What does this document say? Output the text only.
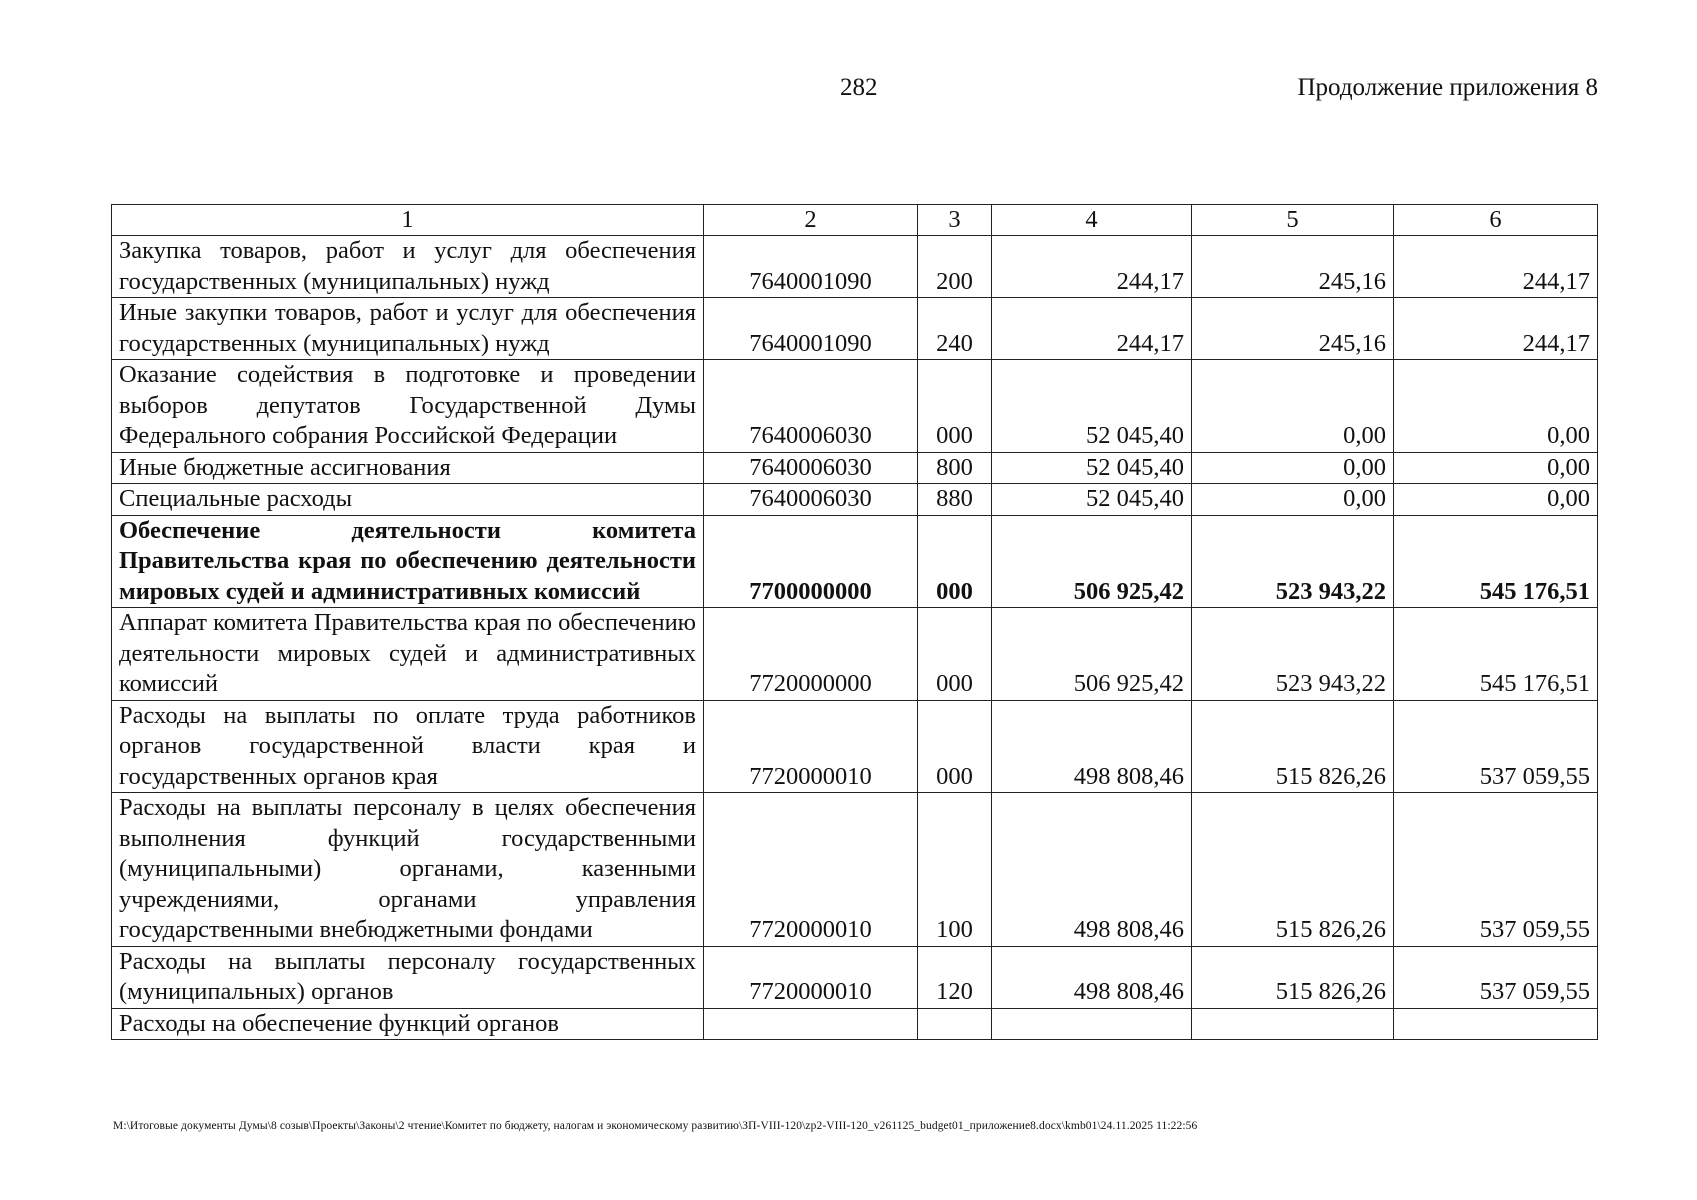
282	Продолжение приложения 8
1	2	3	4	5	6
Закупка товаров, работ и услуг для обеспечения государственных (муниципальных) нужд	7640001090	200	244,17	245,16	244,17
Иные закупки товаров, работ и услуг для обеспечения государственных (муниципальных) нужд	7640001090	240	244,17	245,16	244,17
Оказание содействия в подготовке и проведении выборов депутатов Государственной Думы Федерального собрания Российской Федерации	7640006030	000	52 045,40	0,00	0,00
Иные бюджетные ассигнования	7640006030	800	52 045,40	0,00	0,00
Специальные расходы	7640006030	880	52 045,40	0,00	0,00
Обеспечение деятельности комитета Правительства края по обеспечению деятельности мировых судей и административных комиссий	7700000000	000	506 925,42	523 943,22	545 176,51
Аппарат комитета Правительства края по обеспечению деятельности мировых судей и административных комиссий	7720000000	000	506 925,42	523 943,22	545 176,51
Расходы на выплаты по оплате труда работников органов государственной власти края и государственных органов края	7720000010	000	498 808,46	515 826,26	537 059,55
Расходы на выплаты персоналу в целях обеспечения выполнения функций государственными (муниципальными) органами, казенными учреждениями, органами управления государственными внебюджетными фондами	7720000010	100	498 808,46	515 826,26	537 059,55
Расходы на выплаты персоналу государственных (муниципальных) органов	7720000010	120	498 808,46	515 826,26	537 059,55
Расходы на обеспечение функций органов					
M:\Итоговые документы Думы\8 созыв\Проекты\Законы\2 чтение\Комитет по бюджету, налогам и экономическому развитию\ЗП-VIII-120\zp2-VIII-120_v261125_budget01_приложение8.docx\kmb01\24.11.2025 11:22:56
